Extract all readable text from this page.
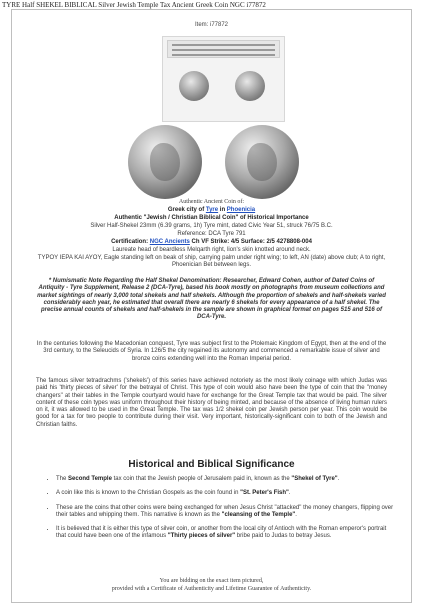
TYRE Half SHEKEL BIBLICAL Silver Jewish Temple Tax Ancient Greek Coin NGC i77872
Item: i77872
Authentic Ancient Coin of:
Greek city of Tyre in Phoenicia
Authentic "Jewish / Christian Biblical Coin" of Historical Importance
Silver Half-Shekel 23mm (6.39 grams, 1h) Tyre mint, dated Civic Year 51, struck 76/75 B.C.
Reference: DCA Tyre 791
Certification: NGC Ancients Ch VF Strike: 4/5 Surface: 2/5 4278808-004
Laureate head of beardless Melqarth right, lion's skin knotted around neck.
TYPOY IEPA KAI AYOY, Eagle standing left on beak of ship, carrying palm under right wing; to left, AN (date) above club; A to right, Phoenician Bet between legs.
* Numismatic Note Regarding the Half Shekel Denomination: Researcher, Edward Cohen, author of Dated Coins of Antiquity - Tyre Supplement, Release 2 (DCA-Tyre), based his book mostly on photographs from museum collections and market sightings of nearly 3,000 total shekels and half shekels. Although the proportion of shekels and half-shekels varied considerably each year, he estimated that overall there are nearly 6 shekels for every appearance of a half shekel. The precise annual counts of shekels and half-shekels in the sample are shown in graphical format on pages 515 and 516 of DCA-Tyre.
In the centuries following the Macedonian conquest, Tyre was subject first to the Ptolemaic Kingdom of Egypt, then at the end of the 3rd century, to the Seleucids of Syria. In 126/5 the city regained its autonomy and commenced a remarkable issue of silver and bronze coins extending well into the Roman Imperial period.
The famous silver tetradrachms ('shekels') of this series have achieved notoriety as the most likely coinage with which Judas was paid his 'thirty pieces of silver' for the betrayal of Christ. This type of coin would also have been the type of coin that the "money changers" at their tables in the Temple courtyard would have for exchange for the Great Temple tax that would be paid. The silver content of these coin types was uniform throughout their history of being minted, and because of the absence of living human rulers on it, it was allowed to be used in the Great Temple. The tax was 1/2 shekel coin per Jewish person per year. This coin would be good for a tax for two people to contribute during their visit. Very important, historically-significant coin to both of the Jewish and Christian faiths.
Historical and Biblical Significance
• The Second Temple tax coin that the Jewish people of Jerusalem paid in, known as the "Shekel of Tyre".
• A coin like this is known to the Christian Gospels as the coin found in "St. Peter's Fish".
• These are the coins that other coins were being exchanged for when Jesus Christ "attacked" the money changers, flipping over their tables and whipping them. This narrative is known as the "cleansing of the Temple".
• It is believed that it is either this type of silver coin, or another from the local city of Antioch with the Roman emperor's portrait that could have been one of the infamous "Thirty pieces of silver" bribe paid to Judas to betray Jesus.
You are bidding on the exact item pictured,
provided with a Certificate of Authenticity and Lifetime Guarantee of Authenticity.
